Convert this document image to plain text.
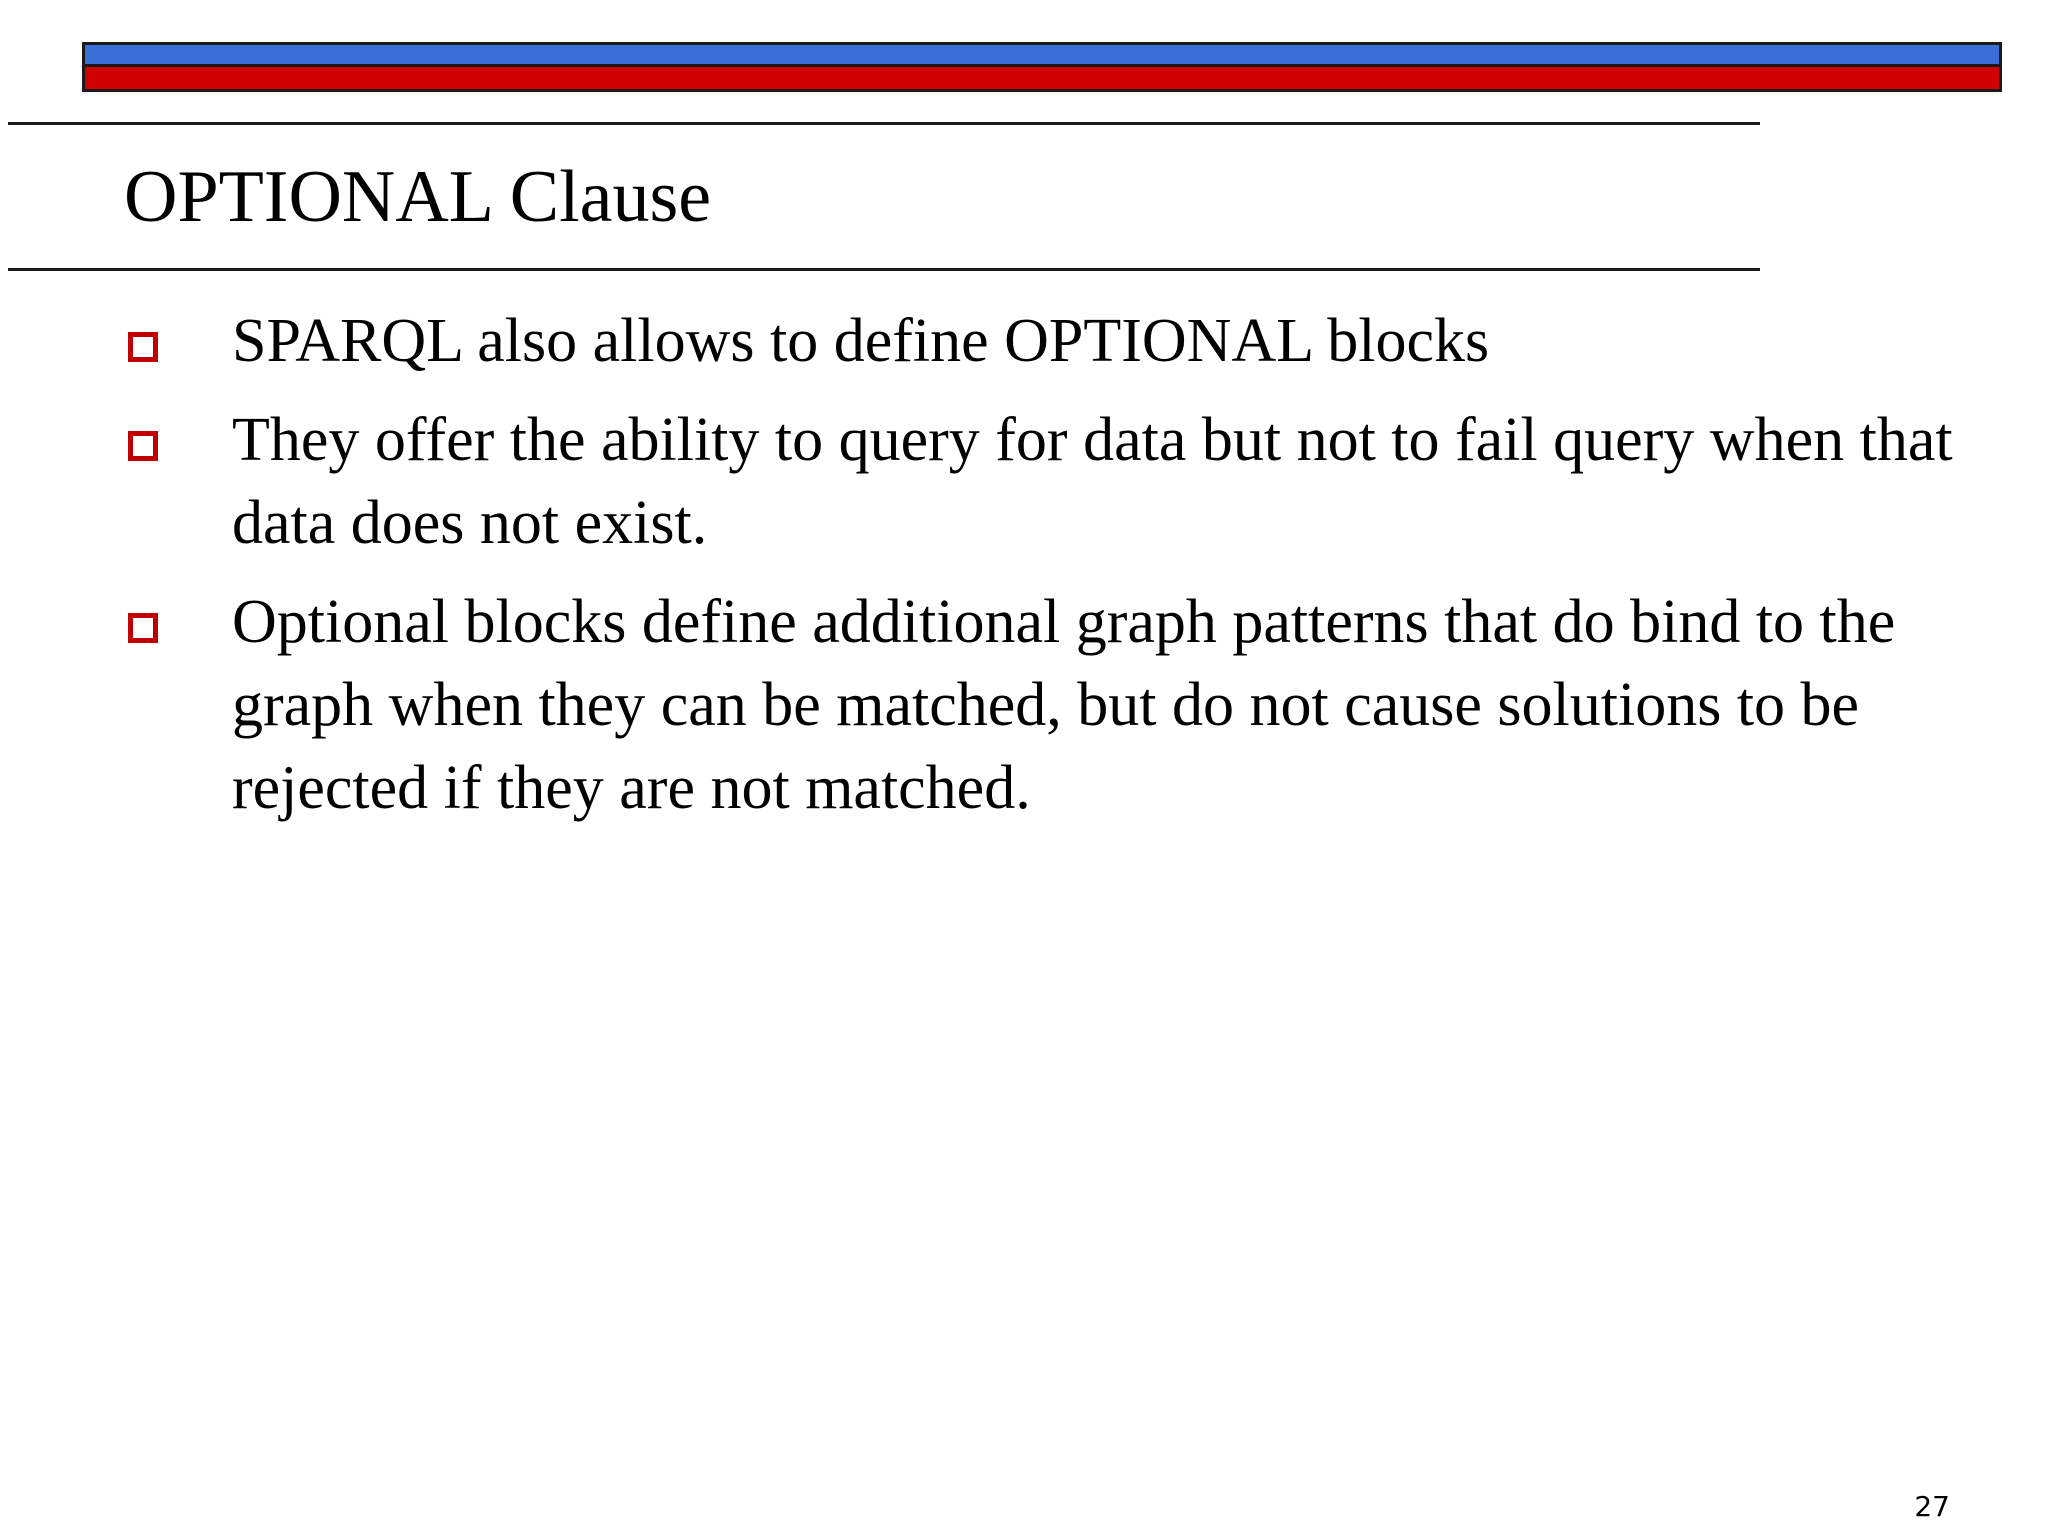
OPTIONAL Clause
SPARQL also allows to define OPTIONAL blocks
They offer the ability to query for data but not to fail query when that data does not exist.
Optional blocks define additional graph patterns that do bind to the graph when they can be matched, but do not cause solutions to be rejected if they are not matched.
27
